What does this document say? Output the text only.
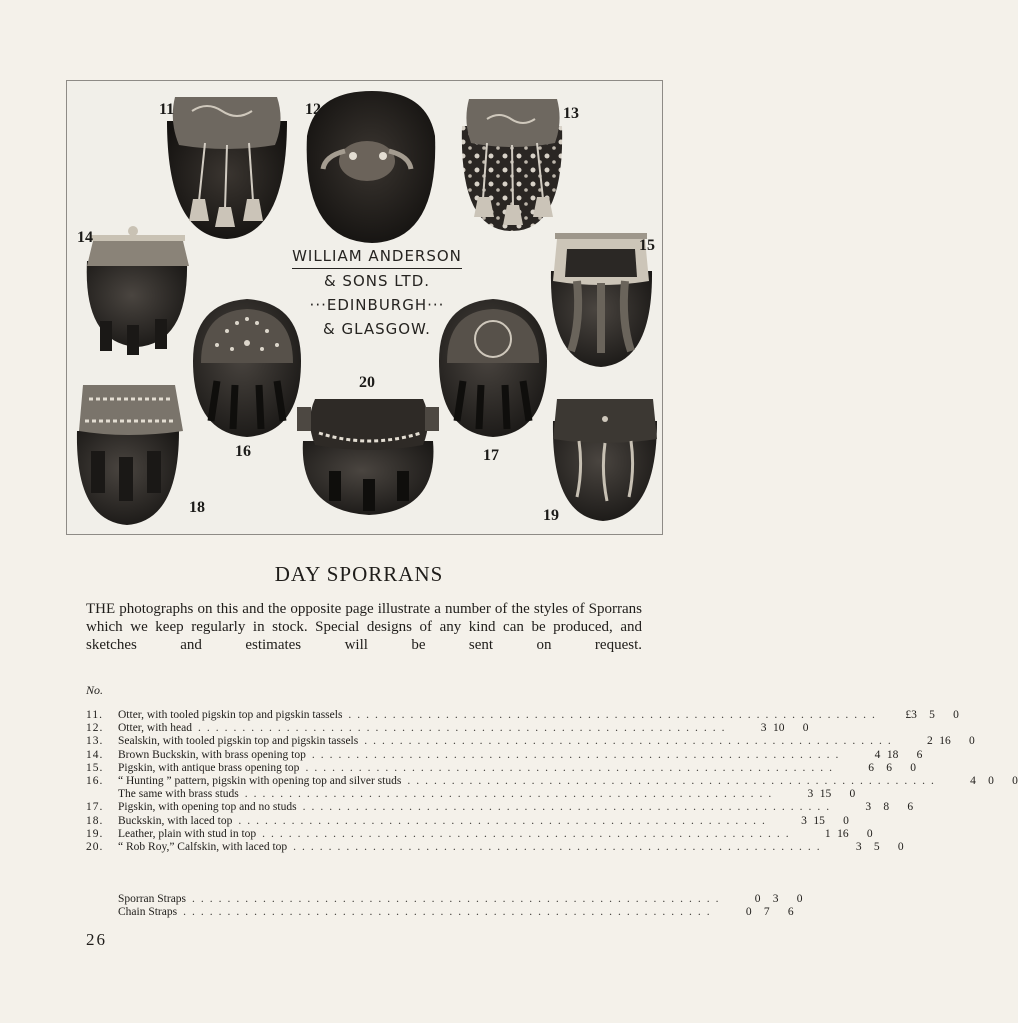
11	12	13
14	15
16	17
18	19
20
WILLIAM ANDERSON
& SONS LTD.
···EDINBURGH···
& GLASGOW.
DAY SPORRANS

THE photographs on this and the opposite page illustrate a number of the styles of Sporrans which we keep regularly in stock. Special designs of any kind can be produced, and sketches and estimates will be sent on request.

No.
11.	Otter, with tooled pigskin top and pigskin tassels ............................................................	£3	5	0
12.	Otter, with head ............................................................	3 10	0
13.	Sealskin, with tooled pigskin top and pigskin tassels ............................................................	2 16	0
14.	Brown Buckskin, with brass opening top ............................................................	4 18	6
15.	Pigskin, with antique brass opening top ............................................................	6	6	0
16.	“ Hunting ” pattern, pigskin with opening top and silver studs ............................................................	4	0	0
The same with brass studs ............................................................	3 15	0
17.	Pigskin, with opening top and no studs ............................................................	3	8	6
18.	Buckskin, with laced top ............................................................	3 15	0
19.	Leather, plain with stud in top ............................................................	1 16	0
20.	“ Rob Roy,” Calfskin, with laced top ............................................................	3	5	0
Sporran Straps ............................................................	0	3	0
Chain Straps ............................................................	0	7	6
26
